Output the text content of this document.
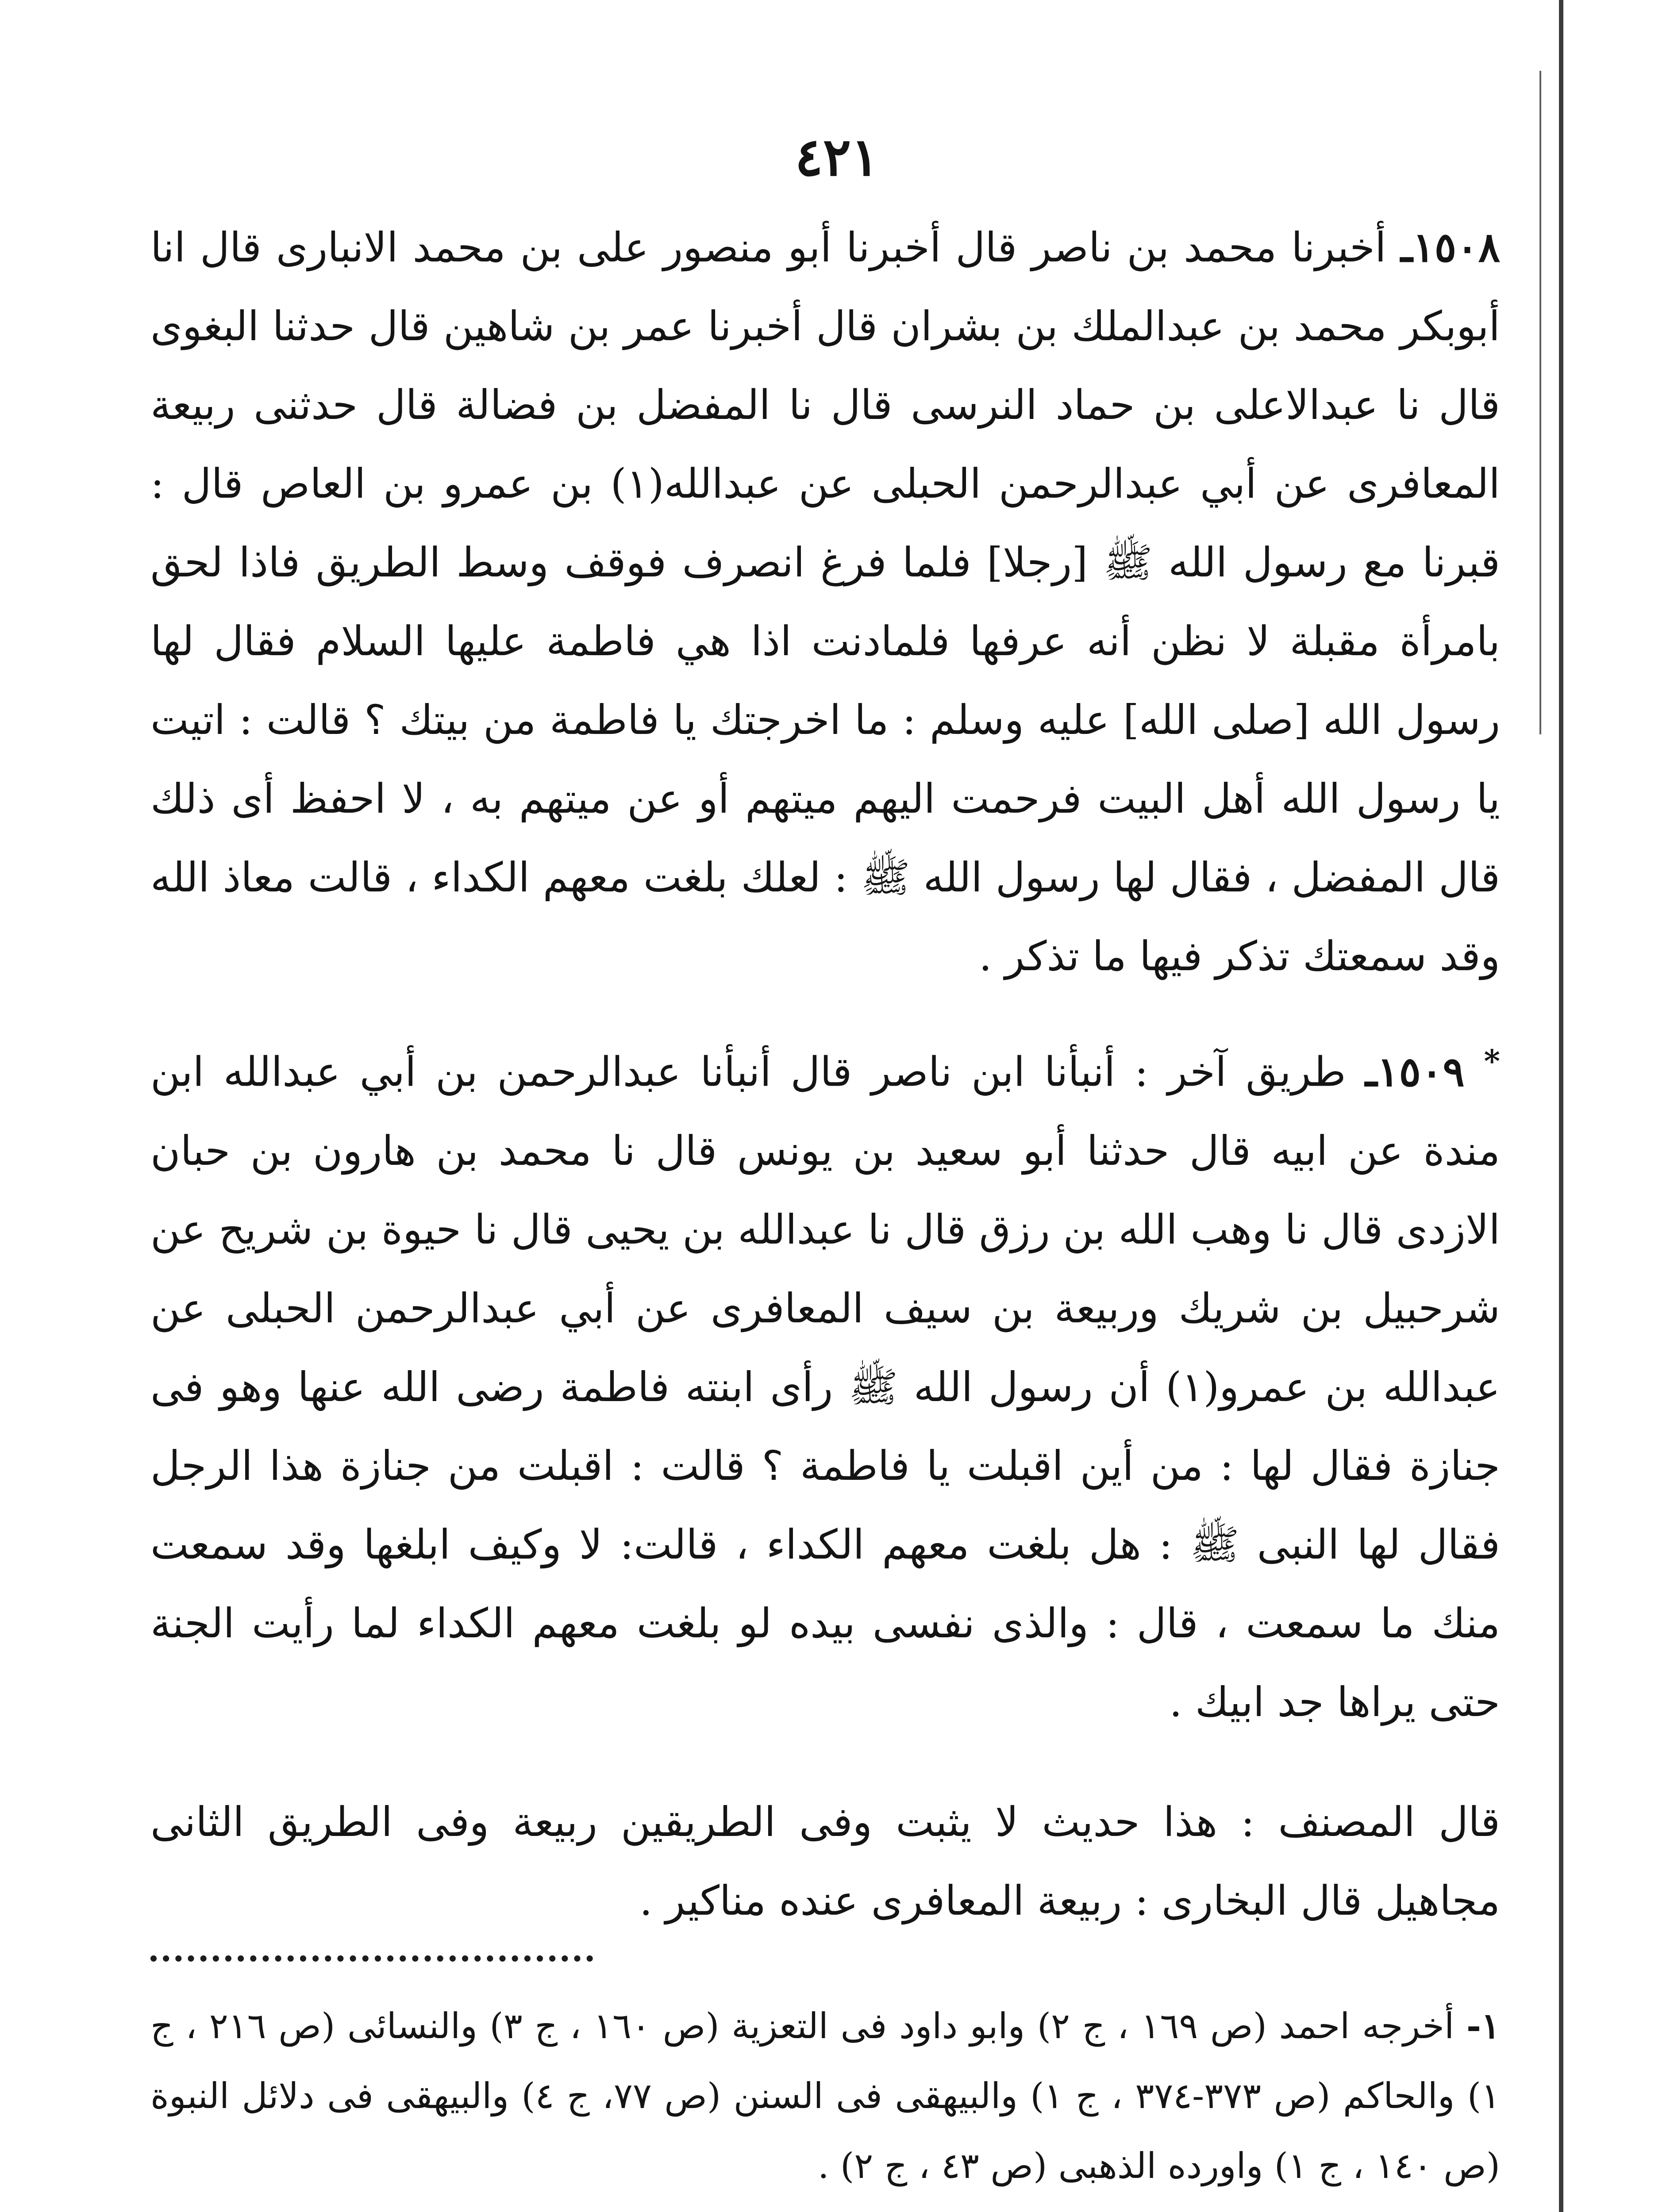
٤٢١

١٥٠٨ـ أخبرنا محمد بن ناصر قال أخبرنا أبو منصور على بن محمد الانبارى قال انا أبوبكر محمد بن عبدالملك بن بشران قال أخبرنا عمر بن شاهين قال حدثنا البغوى قال نا عبدالاعلى بن حماد النرسى قال نا المفضل بن فضالة قال حدثنى ربيعة المعافرى عن أبي عبدالرحمن الحبلى عن عبدالله(١) بن عمرو بن العاص قال : قبرنا مع رسول الله ﷺ [رجلا] فلما فرغ انصرف فوقف وسط الطريق فاذا لحق بامرأة مقبلة لا نظن أنه عرفها فلمادنت اذا هي فاطمة عليها السلام فقال لها رسول الله [صلى الله] عليه وسلم : ما اخرجتك يا فاطمة من بيتك ؟ قالت : اتيت يا رسول الله أهل البيت فرحمت اليهم ميتهم أو عن ميتهم به ، لا احفظ أى ذلك قال المفضل ، فقال لها رسول الله ﷺ : لعلك بلغت معهم الكداء ، قالت معاذ الله وقد سمعتك تذكر فيها ما تذكر .

* ١٥٠٩ـ طريق آخر : أنبأنا ابن ناصر قال أنبأنا عبدالرحمن بن أبي عبدالله ابن مندة عن ابيه قال حدثنا أبو سعيد بن يونس قال نا محمد بن هارون بن حبان الازدى قال نا وهب الله بن رزق قال نا عبدالله بن يحيى قال نا حيوة بن شريح عن شرحبيل بن شريك وربيعة بن سيف المعافرى عن أبي عبدالرحمن الحبلى عن عبدالله بن عمرو(١) أن رسول الله ﷺ رأى ابنته فاطمة رضى الله عنها وهو فى جنازة فقال لها : من أين اقبلت يا فاطمة ؟ قالت : اقبلت من جنازة هذا الرجل فقال لها النبى ﷺ : هل بلغت معهم الكداء ، قالت: لا وكيف ابلغها وقد سمعت منك ما سمعت ، قال : والذى نفسى بيده لو بلغت معهم الكداء لما رأيت الجنة حتى يراها جد ابيك .

قال المصنف : هذا حديث لا يثبت وفى الطريقين ربيعة وفى الطريق الثانى مجاهيل قال البخارى : ربيعة المعافرى عنده مناكير .

١- أخرجه احمد (ص ١٦٩ ، ج ٢) وابو داود فى التعزية (ص ١٦٠ ، ج ٣) والنسائى (ص ٢١٦ ، ج ١) والحاكم (ص ٣٧٣-٣٧٤ ، ج ١) والبيهقى فى السنن (ص ٧٧، ج ٤) والبيهقى فى دلائل النبوة (ص ١٤٠ ، ج ١) واورده الذهبى (ص ٤٣ ، ج ٢) .
